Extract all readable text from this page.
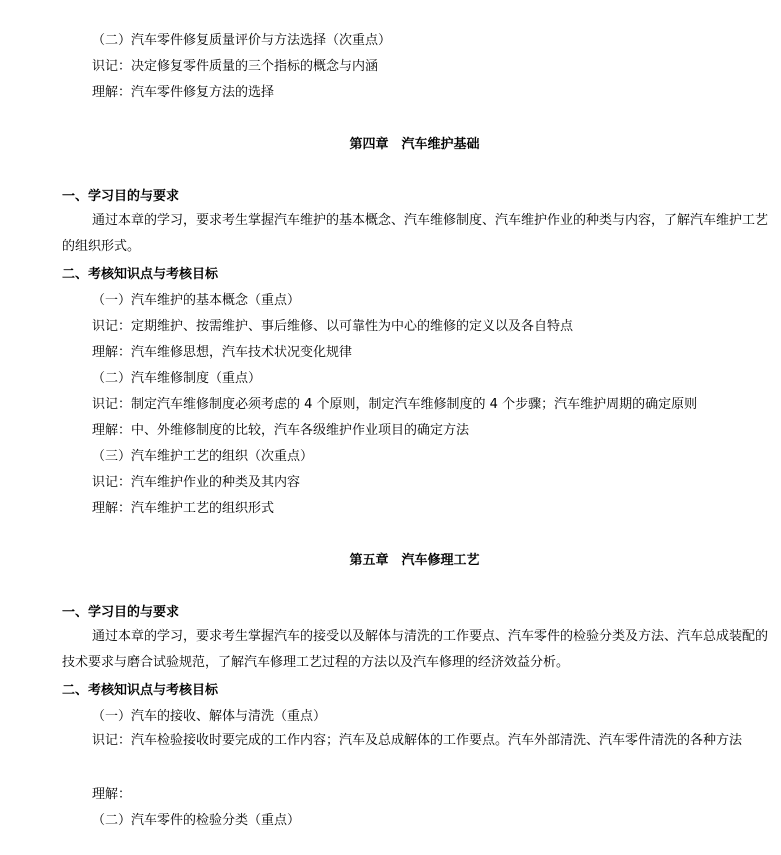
（二）汽车零件修复质量评价与方法选择（次重点）
识记：决定修复零件质量的三个指标的概念与内涵
理解：汽车零件修复方法的选择
第四章　汽车维护基础
一、学习目的与要求
通过本章的学习，要求考生掌握汽车维护的基本概念、汽车维修制度、汽车维护作业的种类与内容，了解汽车维护工艺的组织形式。
二、考核知识点与考核目标
（一）汽车维护的基本概念（重点）
识记：定期维护、按需维护、事后维修、以可靠性为中心的维修的定义以及各自特点
理解：汽车维修思想，汽车技术状况变化规律
（二）汽车维修制度（重点）
识记：制定汽车维修制度必须考虑的 4 个原则，制定汽车维修制度的 4 个步骤；汽车维护周期的确定原则
理解：中、外维修制度的比较，汽车各级维护作业项目的确定方法
（三）汽车维护工艺的组织（次重点）
识记：汽车维护作业的种类及其内容
理解：汽车维护工艺的组织形式
第五章　汽车修理工艺
一、学习目的与要求
通过本章的学习，要求考生掌握汽车的接受以及解体与清洗的工作要点、汽车零件的检验分类及方法、汽车总成装配的技术要求与磨合试验规范，了解汽车修理工艺过程的方法以及汽车修理的经济效益分析。
二、考核知识点与考核目标
（一）汽车的接收、解体与清洗（重点）
识记：汽车检验接收时要完成的工作内容；汽车及总成解体的工作要点。汽车外部清洗、汽车零件清洗的各种方法
理解：
（二）汽车零件的检验分类（重点）
